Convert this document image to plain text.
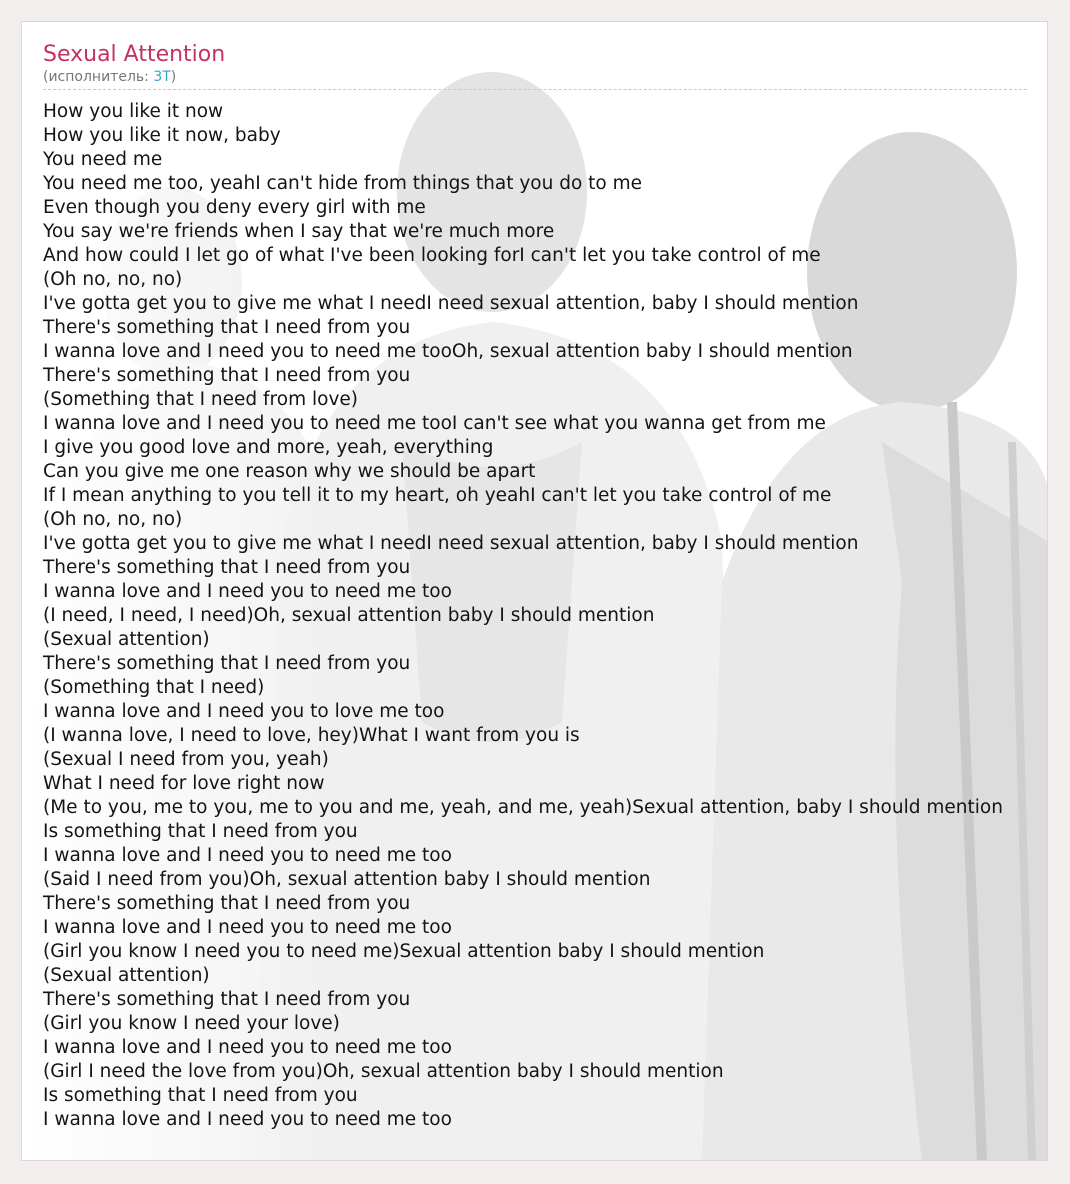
Sexual Attention
(исполнитель: 3T)
How you like it now
How you like it now, baby
You need me
You need me too, yeahI can't hide from things that you do to me
Even though you deny every girl with me
You say we're friends when I say that we're much more
And how could I let go of what I've been looking forI can't let you take control of me
(Oh no, no, no)
I've gotta get you to give me what I needI need sexual attention, baby I should mention
There's something that I need from you
I wanna love and I need you to need me tooOh, sexual attention baby I should mention
There's something that I need from you
(Something that I need from love)
I wanna love and I need you to need me tooI can't see what you wanna get from me
I give you good love and more, yeah, everything
Can you give me one reason why we should be apart
If I mean anything to you tell it to my heart, oh yeahI can't let you take control of me
(Oh no, no, no)
I've gotta get you to give me what I needI need sexual attention, baby I should mention
There's something that I need from you
I wanna love and I need you to need me too
(I need, I need, I need)Oh, sexual attention baby I should mention
(Sexual attention)
There's something that I need from you
(Something that I need)
I wanna love and I need you to love me too
(I wanna love, I need to love, hey)What I want from you is
(Sexual I need from you, yeah)
What I need for love right now
(Me to you, me to you, me to you and me, yeah, and me, yeah)Sexual attention, baby I should mention
Is something that I need from you
I wanna love and I need you to need me too
(Said I need from you)Oh, sexual attention baby I should mention
There's something that I need from you
I wanna love and I need you to need me too
(Girl you know I need you to need me)Sexual attention baby I should mention
(Sexual attention)
There's something that I need from you
(Girl you know I need your love)
I wanna love and I need you to need me too
(Girl I need the love from you)Oh, sexual attention baby I should mention
Is something that I need from you
I wanna love and I need you to need me too
